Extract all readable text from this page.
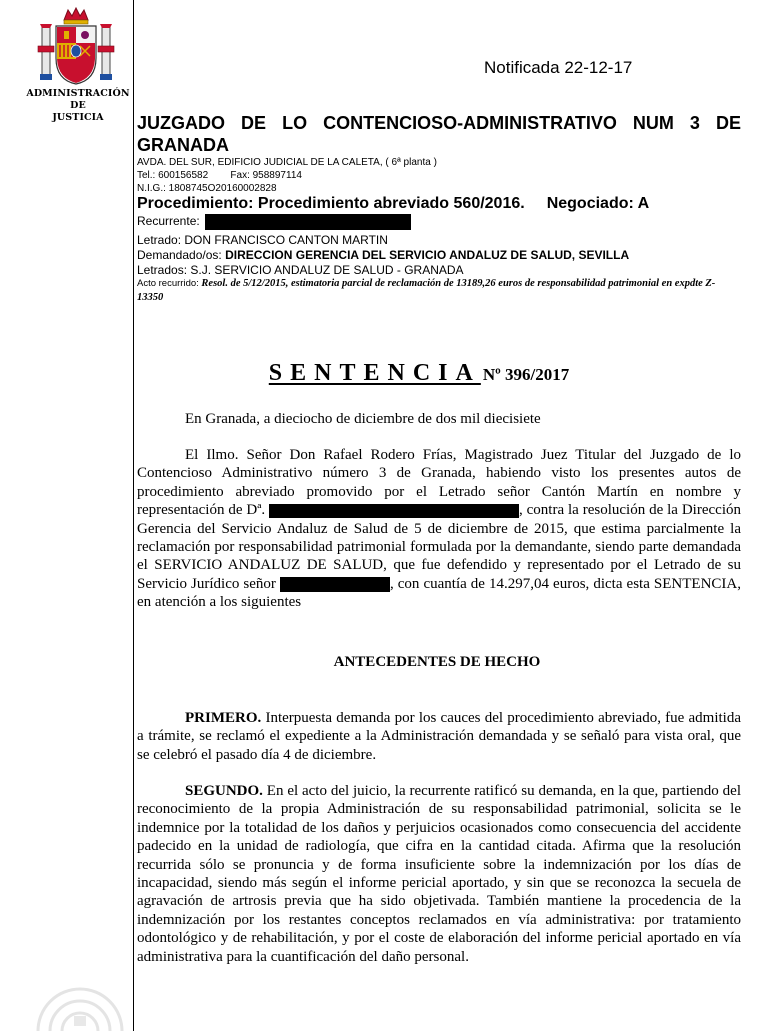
ADMINISTRACIÓN
DE
JUSTICIA
Notificada 22-12-17
JUZGADO DE LO CONTENCIOSO-ADMINISTRATIVO NUM 3 DE
GRANADA
AVDA. DEL SUR, EDIFICIO JUDICIAL DE LA CALETA, ( 6ª planta )
Tel.: 600156582        Fax: 958897114
N.I.G.: 1808745O20160002828
Procedimiento: Procedimiento abreviado 560/2016. Negociado: A
Recurrente:
Letrado: DON FRANCISCO CANTON MARTIN
Demandado/os: DIRECCION GERENCIA DEL SERVICIO ANDALUZ DE SALUD, SEVILLA
Letrados: S.J. SERVICIO ANDALUZ DE SALUD - GRANADA
Acto recurrido: Resol. de 5/12/2015, estimatoria parcial de reclamación de 13189,26 euros de responsabilidad patrimonial en expdte Z-13350
SENTENCIA Nº 396/2017
En Granada, a dieciocho de diciembre de dos mil diecisiete
El Ilmo. Señor Don Rafael Rodero Frías, Magistrado Juez Titular del Juzgado de lo Contencioso Administrativo número 3 de Granada, habiendo visto los presentes autos de procedimiento abreviado promovido por el Letrado señor Cantón Martín en nombre y representación de Dª.	, contra la resolución de la Dirección Gerencia del Servicio Andaluz de Salud de 5 de diciembre de 2015, que estima parcialmente la reclamación por responsabilidad patrimonial formulada por la demandante, siendo parte demandada el SERVICIO ANDALUZ DE SALUD, que fue defendido y representado por el Letrado de su Servicio Jurídico señor	, con cuantía de 14.297,04 euros, dicta esta SENTENCIA, en atención a los siguientes
ANTECEDENTES DE HECHO
PRIMERO. Interpuesta demanda por los cauces del procedimiento abreviado, fue admitida a trámite, se reclamó el expediente a la Administración demandada y se señaló para vista oral, que se celebró el pasado día 4 de diciembre.
SEGUNDO. En el acto del juicio, la recurrente ratificó su demanda, en la que, partiendo del reconocimiento de la propia Administración de su responsabilidad patrimonial, solicita se le indemnice por la totalidad de los daños y perjuicios ocasionados como consecuencia del accidente padecido en la unidad de radiología, que cifra en la cantidad citada. Afirma que la resolución recurrida sólo se pronuncia y de forma insuficiente sobre la indemnización por los días de incapacidad, siendo más según el informe pericial aportado, y sin que se reconozca la secuela de agravación de artrosis previa que ha sido objetivada. También mantiene la procedencia de la indemnización por los restantes conceptos reclamados en vía administrativa: por tratamiento odontológico y de rehabilitación, y por el coste de elaboración del informe pericial aportado en vía administrativa para la cuantificación del daño personal.
